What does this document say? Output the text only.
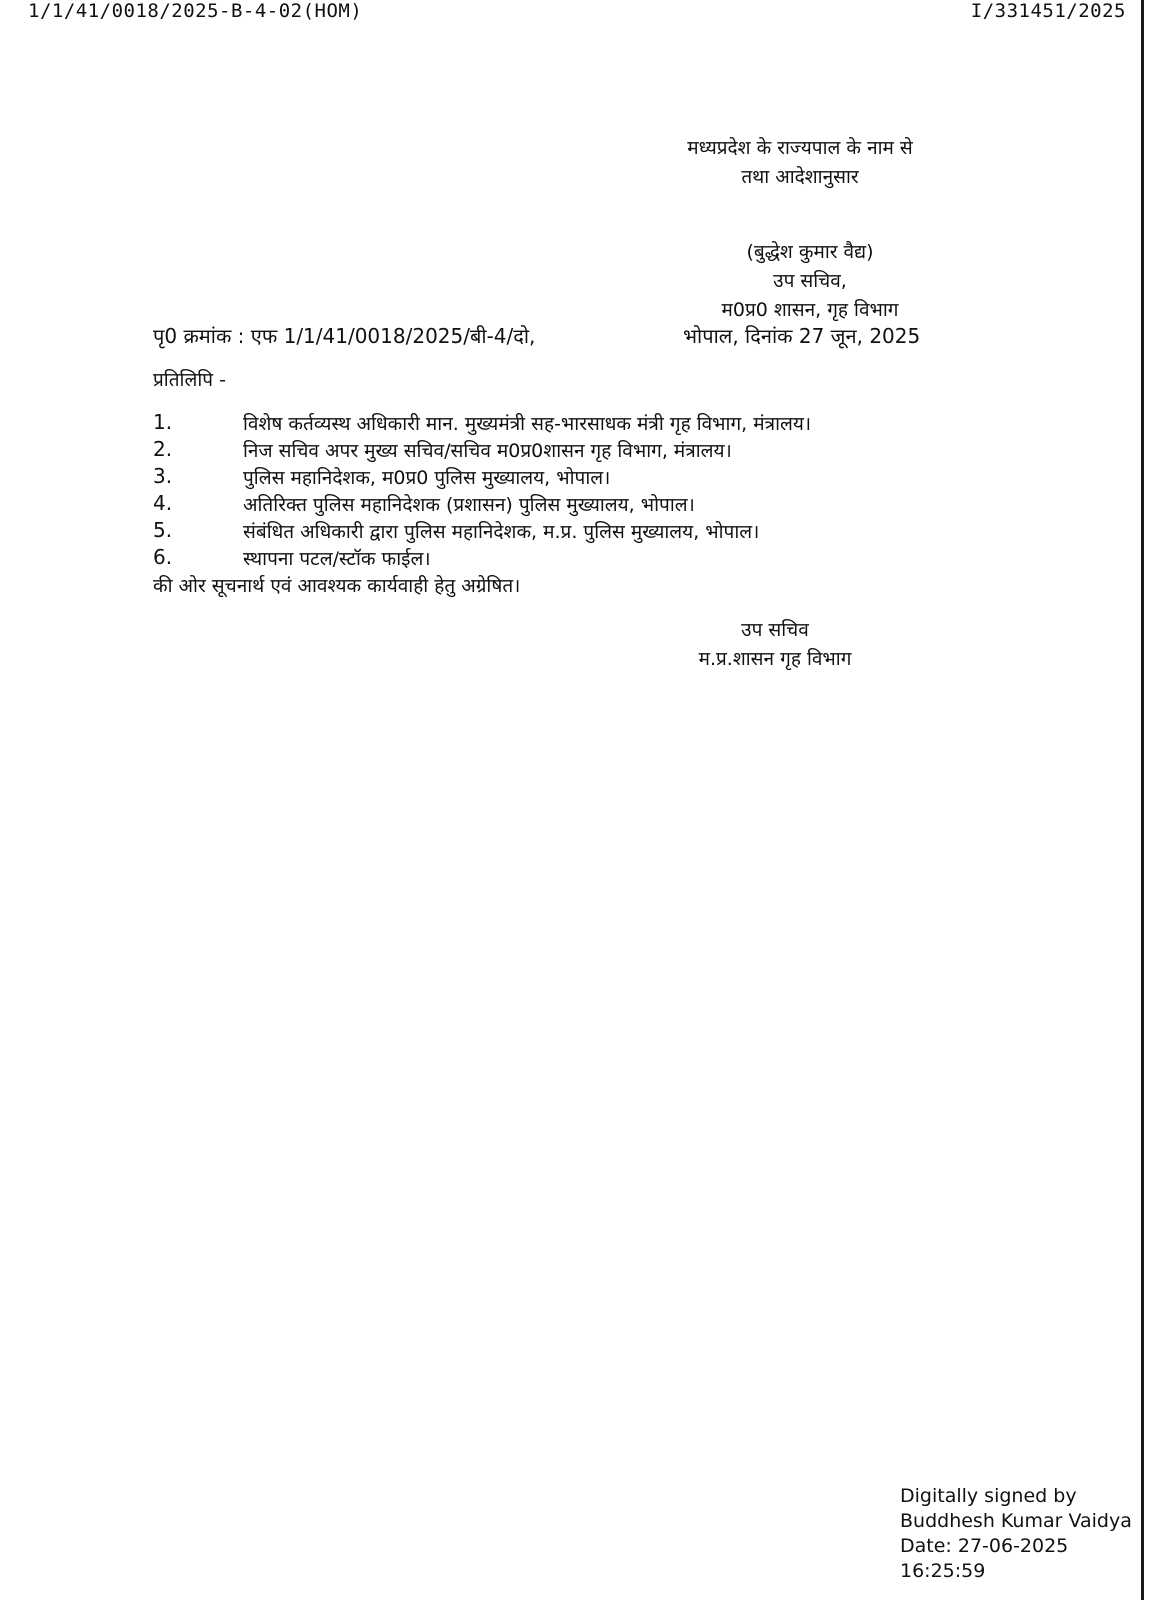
1/1/41/0018/2025-B-4-02(HOM)	I/331451/2025
मध्यप्रदेश के राज्यपाल के नाम से
तथा आदेशानुसार
(बुद्धेश कुमार वैद्य)
उप सचिव,
म0प्र0 शासन, गृह विभाग
पृ0 क्रमांक : एफ 1/1/41/0018/2025/बी-4/दो,	भोपाल, दिनांक 27 जून, 2025
प्रतिलिपि -
1.	विशेष कर्तव्यस्थ अधिकारी मान. मुख्यमंत्री सह-भारसाधक मंत्री गृह विभाग, मंत्रालय।
2.	निज सचिव अपर मुख्य सचिव/सचिव म0प्र0शासन गृह विभाग, मंत्रालय।
3.	पुलिस महानिदेशक, म0प्र0 पुलिस मुख्यालय, भोपाल।
4.	अतिरिक्त पुलिस महानिदेशक (प्रशासन) पुलिस मुख्यालय, भोपाल।
5.	संबंधित अधिकारी द्वारा पुलिस महानिदेशक, म.प्र. पुलिस मुख्यालय, भोपाल।
6.	स्थापना पटल/स्टॉक फाईल।
की ओर सूचनार्थ एवं आवश्यक कार्यवाही हेतु अग्रेषित।
उप सचिव
म.प्र.शासन गृह विभाग
Digitally signed by
Buddhesh Kumar Vaidya
Date: 27-06-2025
16:25:59
